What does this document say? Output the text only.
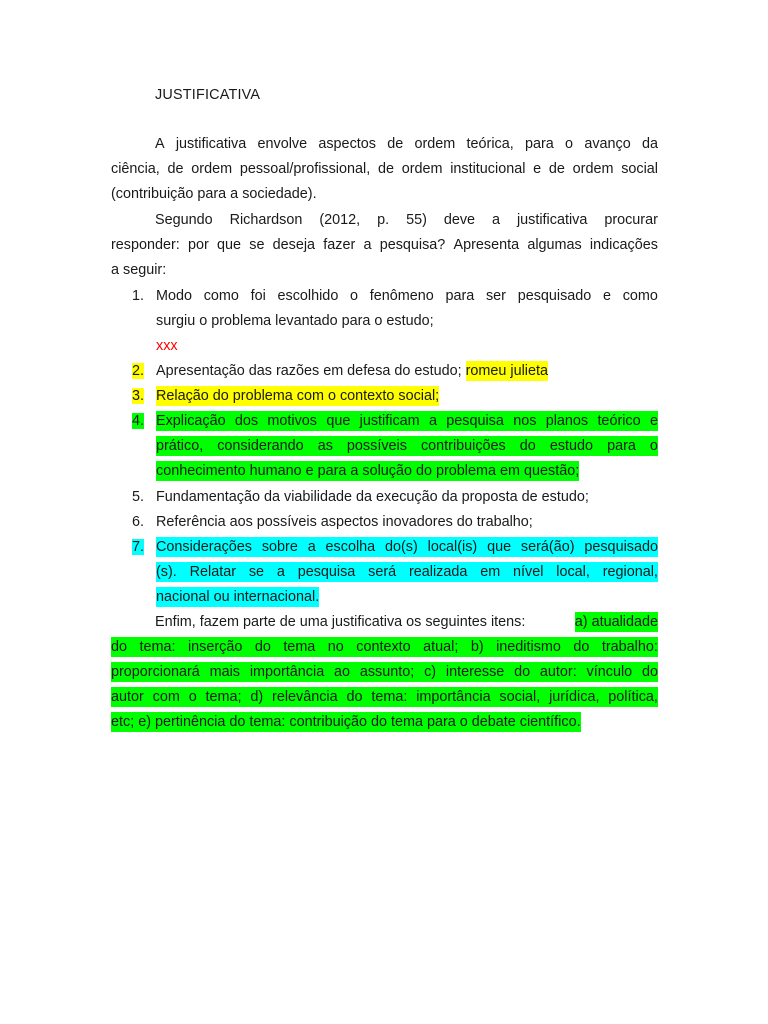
JUSTIFICATIVA
A justificativa envolve aspectos de ordem teórica, para o avanço da
ciência, de ordem pessoal/profissional, de ordem institucional e de ordem social
(contribuição para a sociedade).
Segundo Richardson (2012, p. 55) deve a justificativa procurar
responder: por que se deseja fazer a pesquisa? Apresenta algumas indicações
a seguir:
1. Modo como foi escolhido o fenômeno para ser pesquisado e como
surgiu o problema levantado para o estudo;
xxx
2. Apresentação das razões em defesa do estudo;
romeu julieta
3. Relação do problema com o contexto social;
4. Explicação dos motivos que justificam a pesquisa nos planos teórico e
prático, considerando as possíveis contribuições do estudo para o
conhecimento humano e para a solução do problema em questão;
5. Fundamentação da viabilidade da execução da proposta de estudo;
6. Referência aos possíveis aspectos inovadores do trabalho;
7. Considerações sobre a escolha do(s) local(is) que será(ão) pesquisado
(s). Relatar se a pesquisa será realizada em nível local, regional,
nacional ou internacional.
Enfim, fazem parte de uma justificativa os seguintes itens:	a) atualidade
do tema: inserção do tema no contexto atual; b) ineditismo do trabalho:
proporcionará mais importância ao assunto; c) interesse do autor: vínculo do
autor com o tema; d) relevância do tema: importância social, jurídica, política,
etc; e) pertinência do tema: contribuição do tema para o debate científico.
